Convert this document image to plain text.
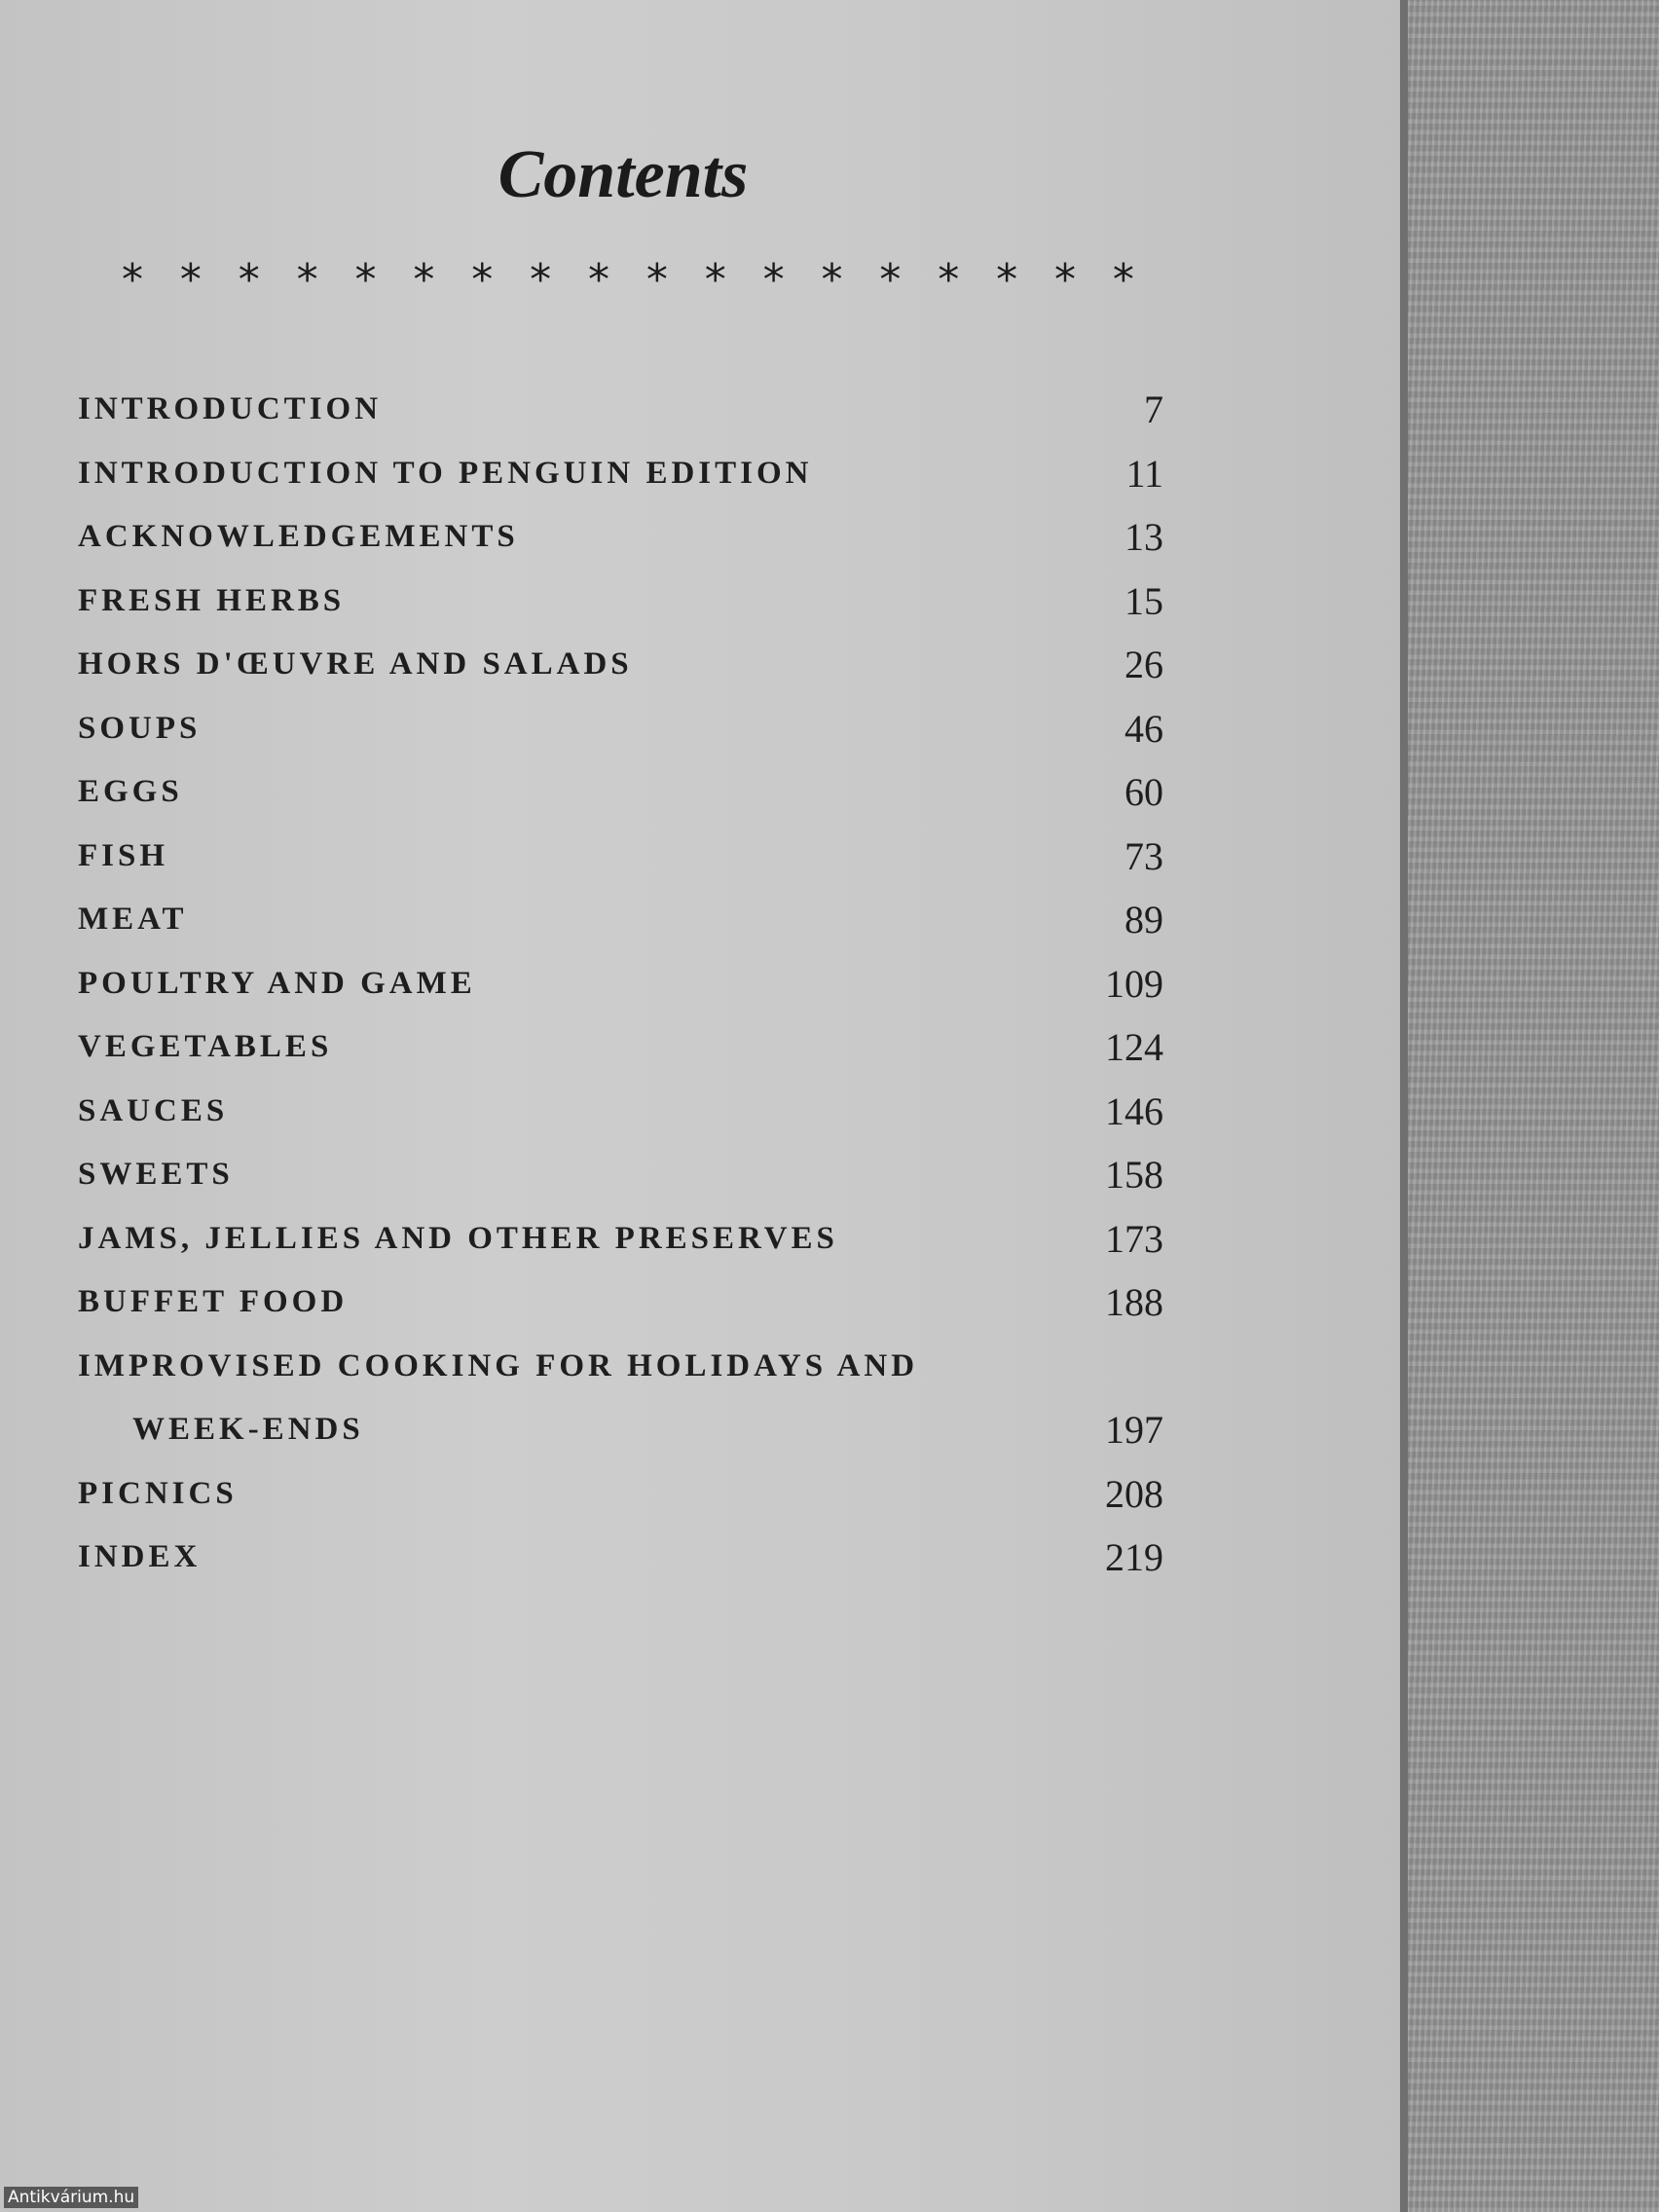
Contents
* * * * * * * * * * * * * * * * * *
INTRODUCTION	7
INTRODUCTION TO PENGUIN EDITION	11
ACKNOWLEDGEMENTS	13
FRESH HERBS	15
HORS D'ŒUVRE AND SALADS	26
SOUPS	46
EGGS	60
FISH	73
MEAT	89
POULTRY AND GAME	109
VEGETABLES	124
SAUCES	146
SWEETS	158
JAMS, JELLIES AND OTHER PRESERVES	173
BUFFET FOOD	188
IMPROVISED COOKING FOR HOLIDAYS AND
WEEK-ENDS	197
PICNICS	208
INDEX	219
Antikvárium.hu
